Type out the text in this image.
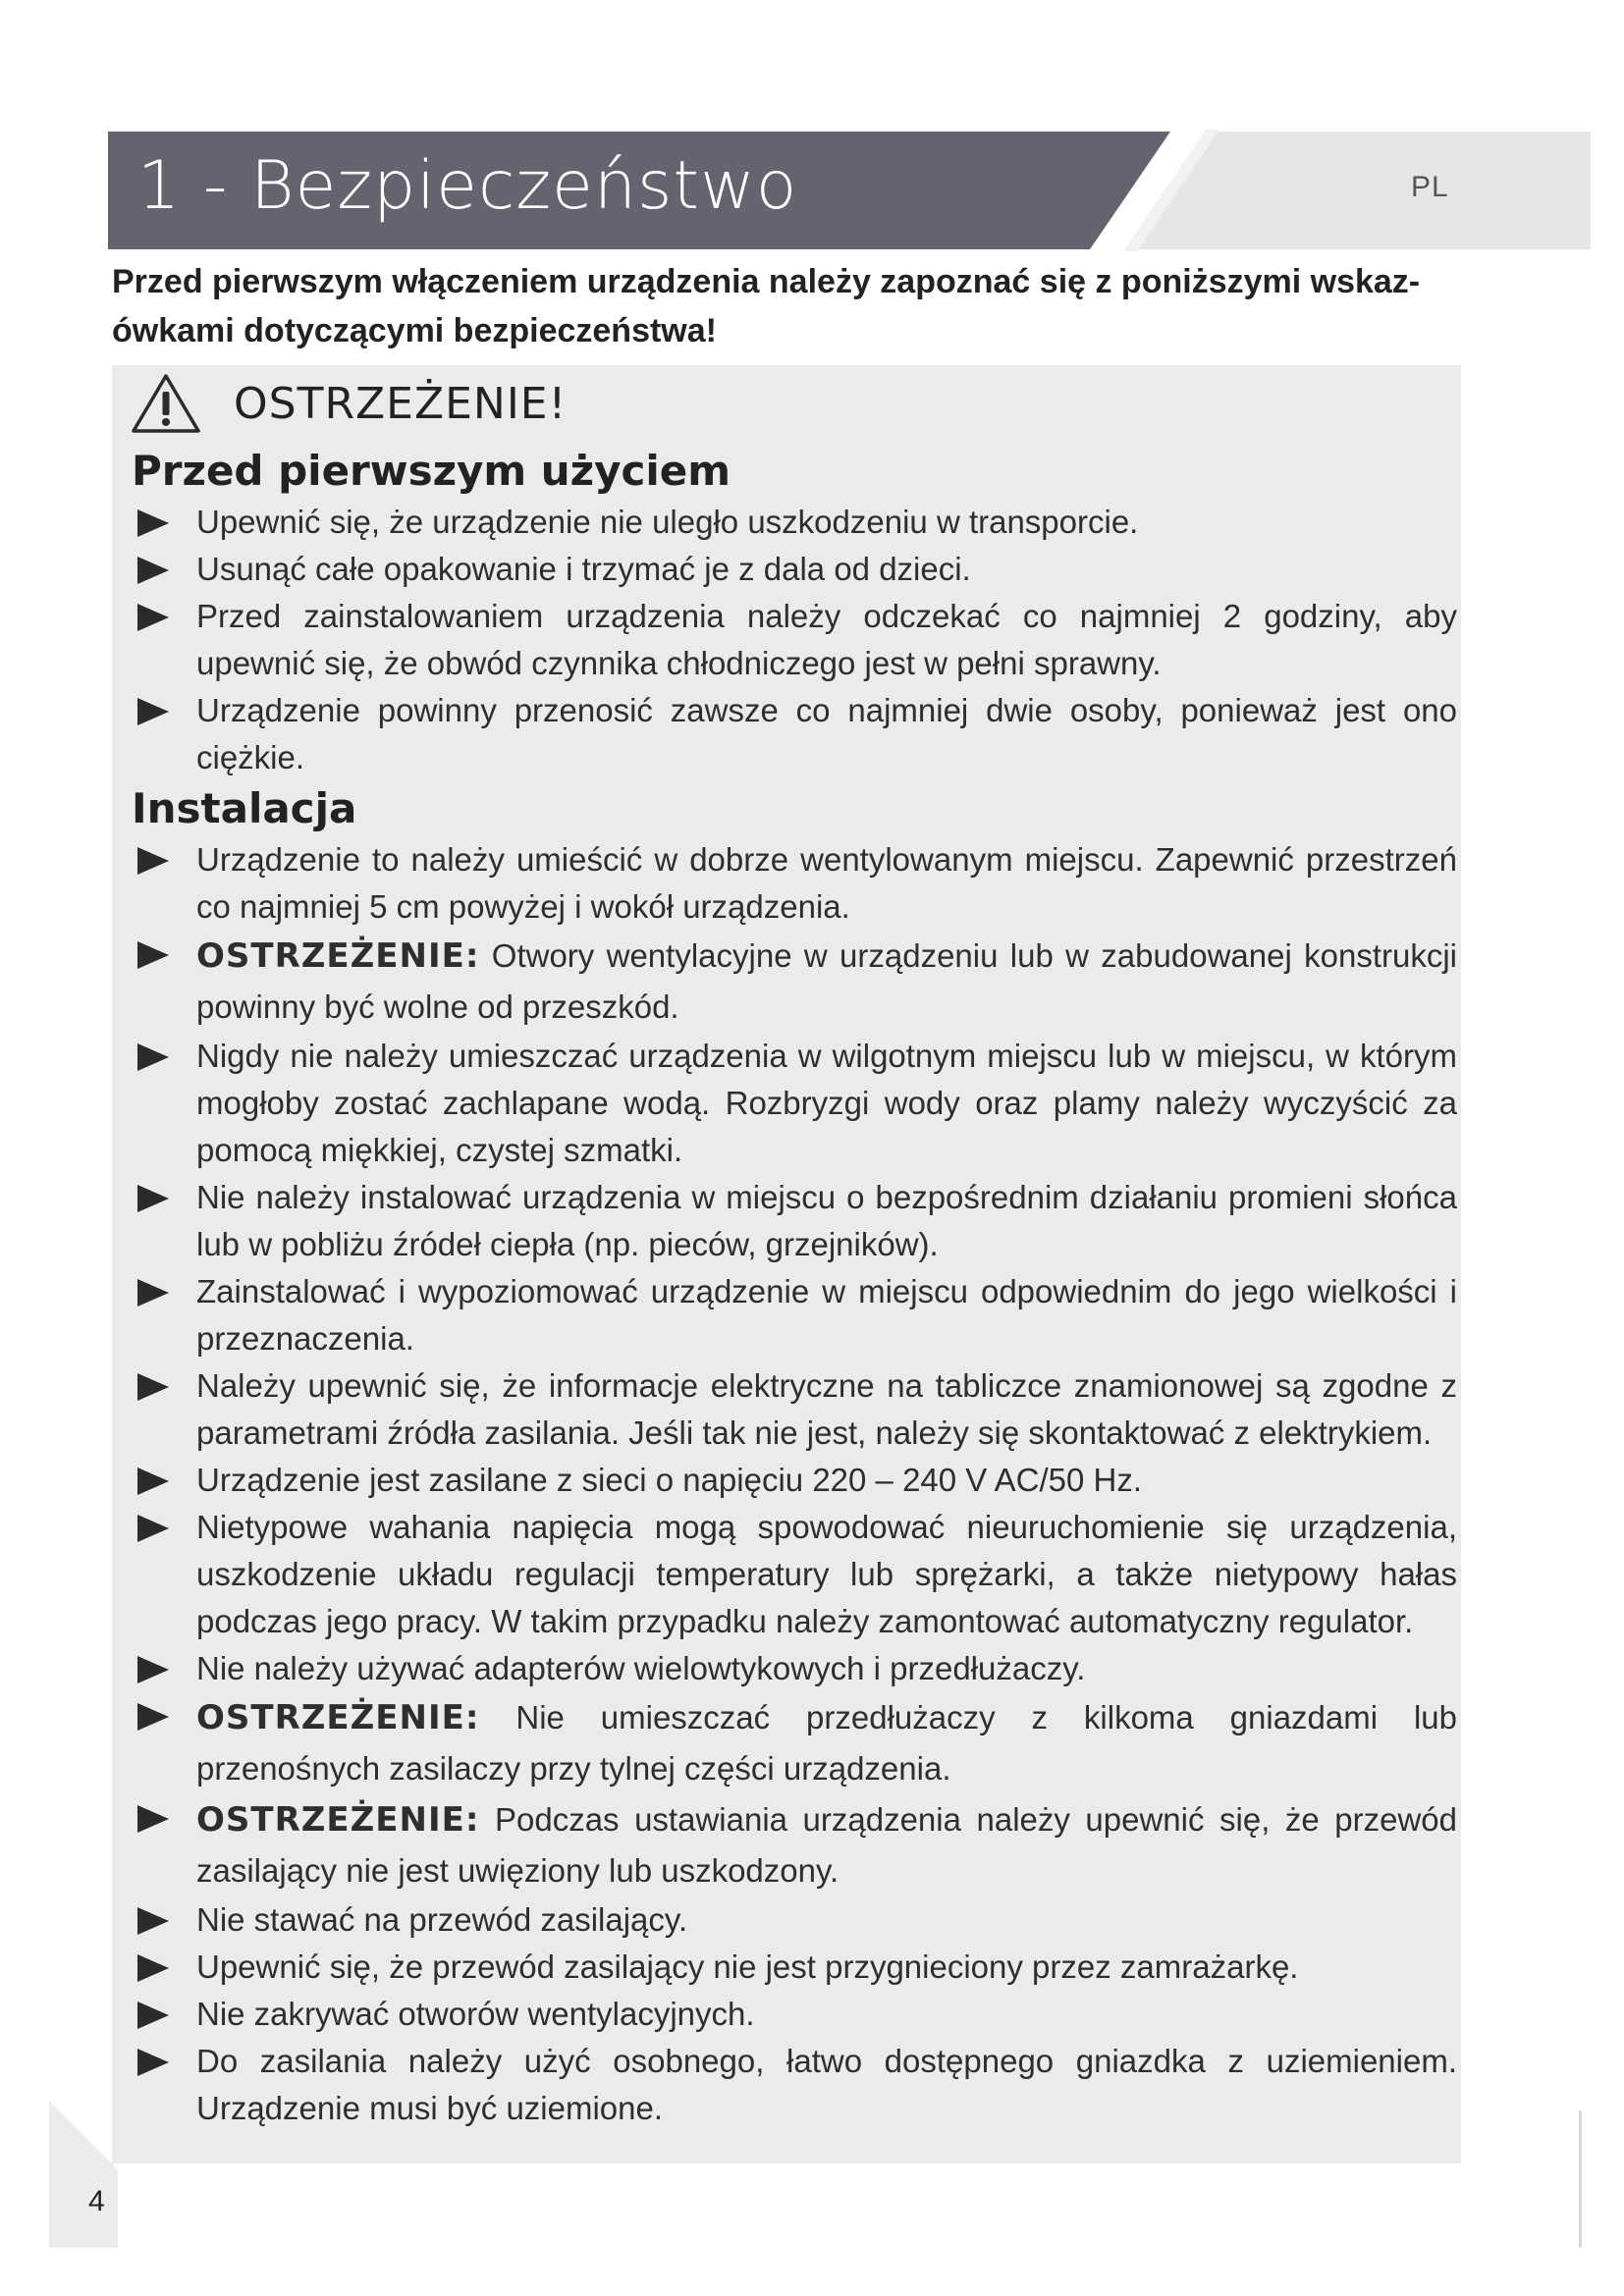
1 - Bezpieczeństwo	PL
Przed pierwszym włączeniem urządzenia należy zapoznać się z poniższymi wskaz- ówkami dotyczącymi bezpieczeństwa!
OSTRZEŻENIE!
Przed pierwszym użyciem
Upewnić się, że urządzenie nie uległo uszkodzeniu w transporcie.
Usunąć całe opakowanie i trzymać je z dala od dzieci.
Przed zainstalowaniem urządzenia należy odczekać co najmniej 2 godziny, aby upewnić się, że obwód czynnika chłodniczego jest w pełni sprawny.
Urządzenie powinny przenosić zawsze co najmniej dwie osoby, ponieważ jest ono ciężkie.
Instalacja
Urządzenie to należy umieścić w dobrze wentylowanym miejscu. Zapewnić przestrzeń co najmniej 5 cm powyżej i wokół urządzenia.
OSTRZEŻENIE: Otwory wentylacyjne w urządzeniu lub w zabudowanej konstrukcji powinny być wolne od przeszkód.
Nigdy nie należy umieszczać urządzenia w wilgotnym miejscu lub w miejscu, w którym mogłoby zostać zachlapane wodą. Rozbryzgi wody oraz plamy należy wyczyścić za pomocą miękkiej, czystej szmatki.
Nie należy instalować urządzenia w miejscu o bezpośrednim działaniu promieni słońca lub w pobliżu źródeł ciepła (np. pieców, grzejników).
Zainstalować i wypoziomować urządzenie w miejscu odpowiednim do jego wielkości i przeznaczenia.
Należy upewnić się, że informacje elektryczne na tabliczce znamionowej są zgodne z parametrami źródła zasilania. Jeśli tak nie jest, należy się skontaktować z elektrykiem.
Urządzenie jest zasilane z sieci o napięciu 220 – 240 V AC/50 Hz.
Nietypowe wahania napięcia mogą spowodować nieuruchomienie się urządzenia, uszkodzenie układu regulacji temperatury lub sprężarki, a także nietypowy hałas podczas jego pracy. W takim przypadku należy zamontować automatyczny regulator.
Nie należy używać adapterów wielowtykowych i przedłużaczy.
OSTRZEŻENIE: Nie umieszczać przedłużaczy z kilkoma gniazdami lub przenośnych zasilaczy przy tylnej części urządzenia.
OSTRZEŻENIE: Podczas ustawiania urządzenia należy upewnić się, że przewód zasilający nie jest uwięziony lub uszkodzony.
Nie stawać na przewód zasilający.
Upewnić się, że przewód zasilający nie jest przygnieciony przez zamrażarkę.
Nie zakrywać otworów wentylacyjnych.
Do zasilania należy użyć osobnego, łatwo dostępnego gniazdka z uziemieniem. Urządzenie musi być uziemione.
4
